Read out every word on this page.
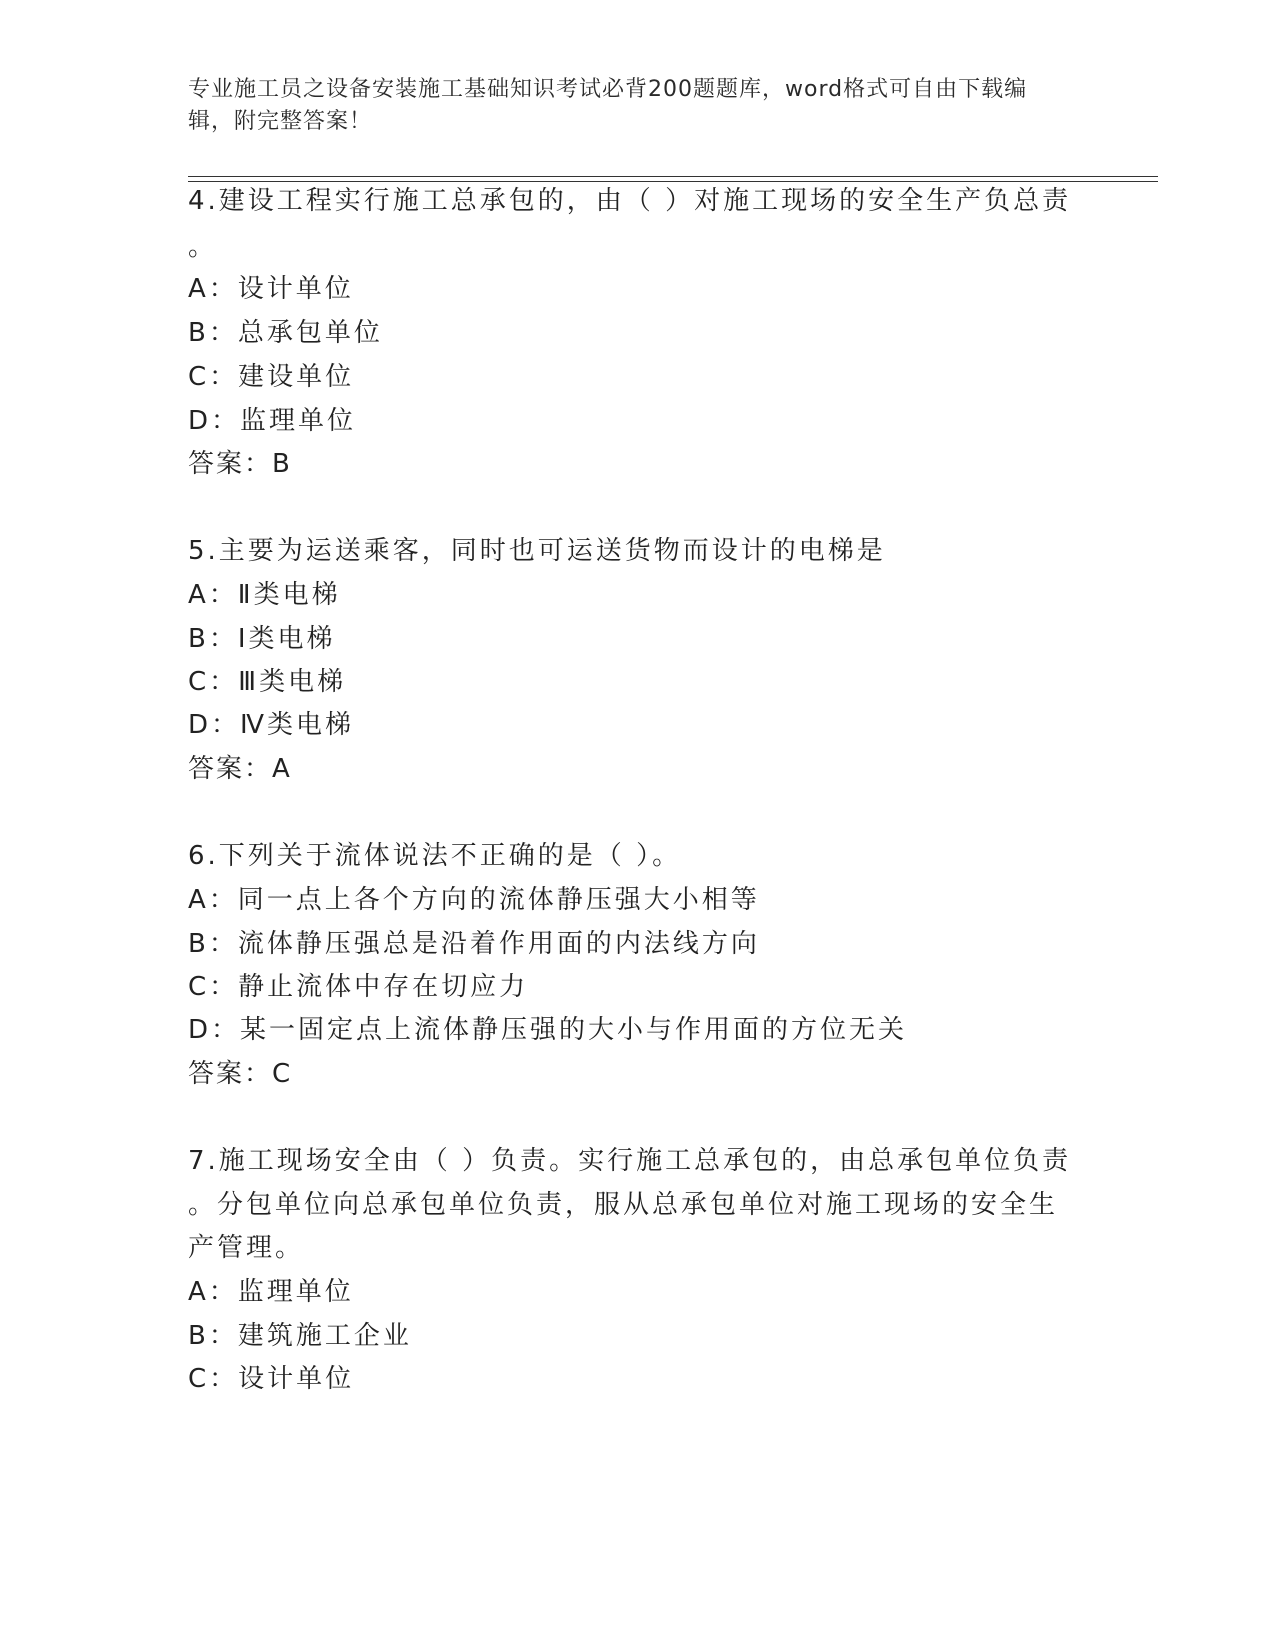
专业施工员之设备安装施工基础知识考试必背200题题库，word格式可自由下载编辑，附完整答案！
4.建设工程实行施工总承包的，由（ ）对施工现场的安全生产负总责
。
A：设计单位
B：总承包单位
C：建设单位
D：监理单位
答案：B
5.主要为运送乘客，同时也可运送货物而设计的电梯是
A：Ⅱ类电梯
B：Ⅰ类电梯
C：Ⅲ类电梯
D：Ⅳ类电梯
答案：A
6.下列关于流体说法不正确的是（ ）。
A：同一点上各个方向的流体静压强大小相等
B：流体静压强总是沿着作用面的内法线方向
C：静止流体中存在切应力
D：某一固定点上流体静压强的大小与作用面的方位无关
答案：C
7.施工现场安全由（ ）负责。实行施工总承包的，由总承包单位负责
。分包单位向总承包单位负责，服从总承包单位对施工现场的安全生
产管理。
A：监理单位
B：建筑施工企业
C：设计单位
